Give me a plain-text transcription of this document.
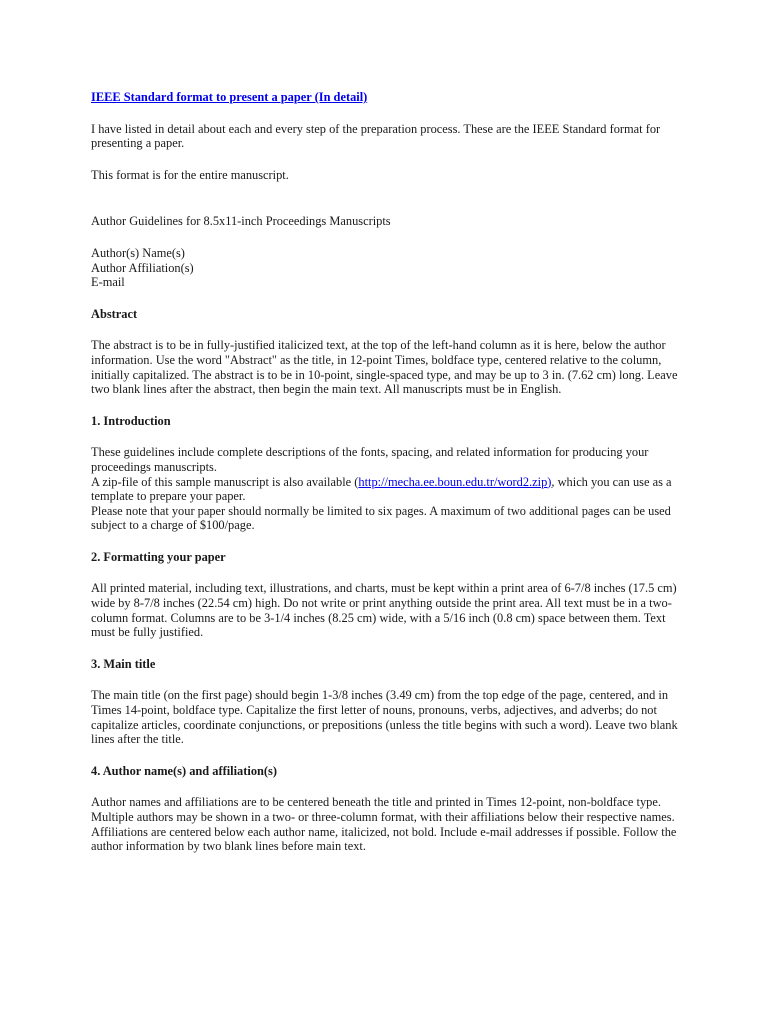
IEEE Standard format to present a paper (In detail)

I have listed in detail about each and every step of the preparation process. These are the IEEE Standard format for presenting a paper.

This format is for the entire manuscript.

Author Guidelines for 8.5x11-inch Proceedings Manuscripts

Author(s) Name(s)
Author Affiliation(s)
E-mail
Abstract

The abstract is to be in fully-justified italicized text, at the top of the left-hand column as it is here, below the author information. Use the word "Abstract" as the title, in 12-point Times, boldface type, centered relative to the column, initially capitalized. The abstract is to be in 10-point, single-spaced type, and may be up to 3 in. (7.62 cm) long. Leave two blank lines after the abstract, then begin the main text. All manuscripts must be in English.

1. Introduction

These guidelines include complete descriptions of the fonts, spacing, and related information for producing your proceedings manuscripts.

A zip-file of this sample manuscript is also available (http://mecha.ee.boun.edu.tr/word2.zip), which you can use as a template to prepare your paper.

Please note that your paper should normally be limited to six pages. A maximum of two additional pages can be used subject to a charge of $100/page.

2. Formatting your paper

All printed material, including text, illustrations, and charts, must be kept within a print area of 6-7/8 inches (17.5 cm) wide by 8-7/8 inches (22.54 cm) high. Do not write or print anything outside the print area. All text must be in a two-column format. Columns are to be 3-1/4 inches (8.25 cm) wide, with a 5/16 inch (0.8 cm) space between them. Text must be fully justified.

3. Main title

The main title (on the first page) should begin 1-3/8 inches (3.49 cm) from the top edge of the page, centered, and in Times 14-point, boldface type. Capitalize the first letter of nouns, pronouns, verbs, adjectives, and adverbs; do not capitalize articles, coordinate conjunctions, or prepositions (unless the title begins with such a word). Leave two blank lines after the title.

4. Author name(s) and affiliation(s)

Author names and affiliations are to be centered beneath the title and printed in Times 12-point, non-boldface type. Multiple authors may be shown in a two- or three-column format, with their affiliations below their respective names. Affiliations are centered below each author name, italicized, not bold. Include e-mail addresses if possible. Follow the author information by two blank lines before main text.
